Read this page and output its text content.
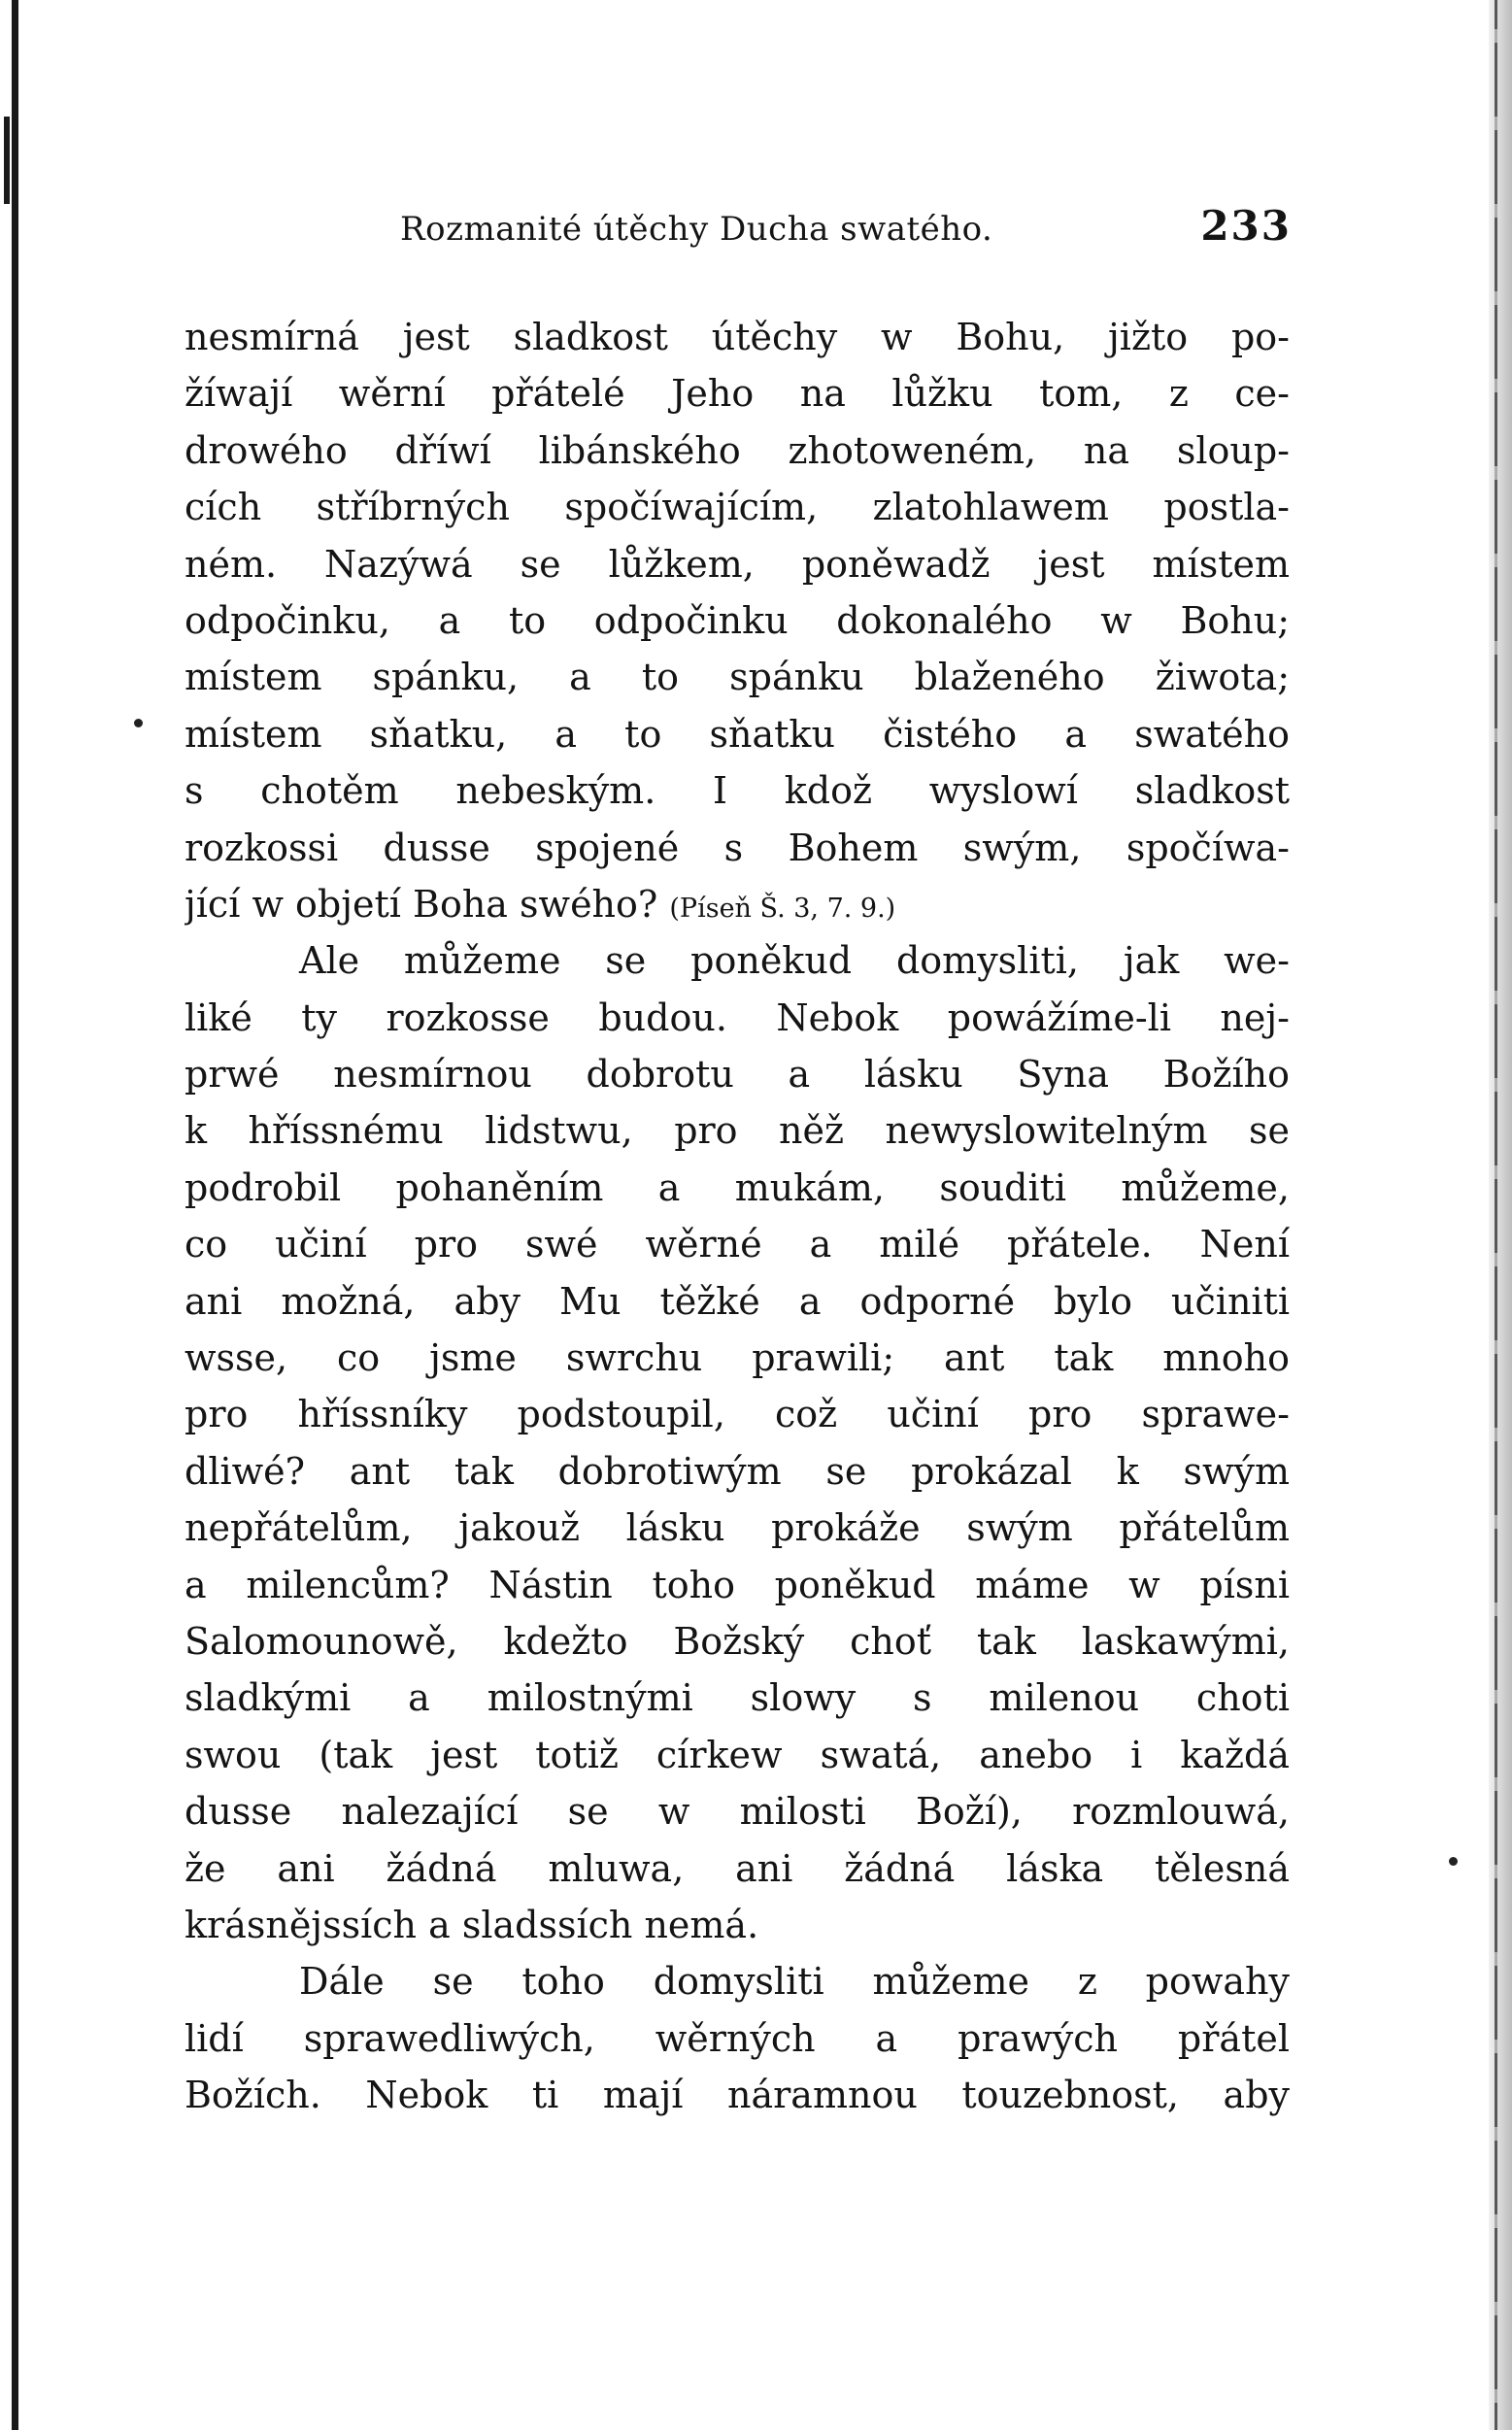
Rozmanité útěchy Ducha swatého.	233
nesmírná jest sladkost útěchy w Bohu, jižto po-
žíwají wěrní přátelé Jeho na lůžku tom, z ce-
drowého dříwí libánského zhotoweném, na sloup-
cích stříbrných spočíwajícím, zlatohlawem postla-
ném. Nazýwá se lůžkem, poněwadž jest místem
odpočinku, a to odpočinku dokonalého w Bohu;
místem spánku, a to spánku blaženého žiwota;
místem sňatku, a to sňatku čistého a swatého
s chotěm nebeským. I kdož wyslowí sladkost
rozkossi dusse spojené s Bohem swým, spočíwa-
jící w objetí Boha swého? (Píseň Š. 3, 7. 9.)
Ale můžeme se poněkud domysliti, jak we-
liké ty rozkosse budou. Nebok powážíme-li nej-
prwé nesmírnou dobrotu a lásku Syna Božího
k hříssnému lidstwu, pro něž newyslowitelným se
podrobil pohaněním a mukám, souditi můžeme,
co učiní pro swé wěrné a milé přátele. Není
ani možná, aby Mu těžké a odporné bylo učiniti
wsse, co jsme swrchu prawili; ant tak mnoho
pro hříssníky podstoupil, což učiní pro sprawe-
dliwé? ant tak dobrotiwým se prokázal k swým
nepřátelům, jakouž lásku prokáže swým přátelům
a milencům? Nástin toho poněkud máme w písni
Salomounowě, kdežto Božský choť tak laskawými,
sladkými a milostnými slowy s milenou choti
swou (tak jest totiž církew swatá, anebo i každá
dusse nalezající se w milosti Boží), rozmlouwá,
že ani žádná mluwa, ani žádná láska tělesná
krásnějssích a sladssích nemá.
Dále se toho domysliti můžeme z powahy
lidí sprawedliwých, wěrných a prawých přátel
Božích. Nebok ti mají náramnou touzebnost, aby
